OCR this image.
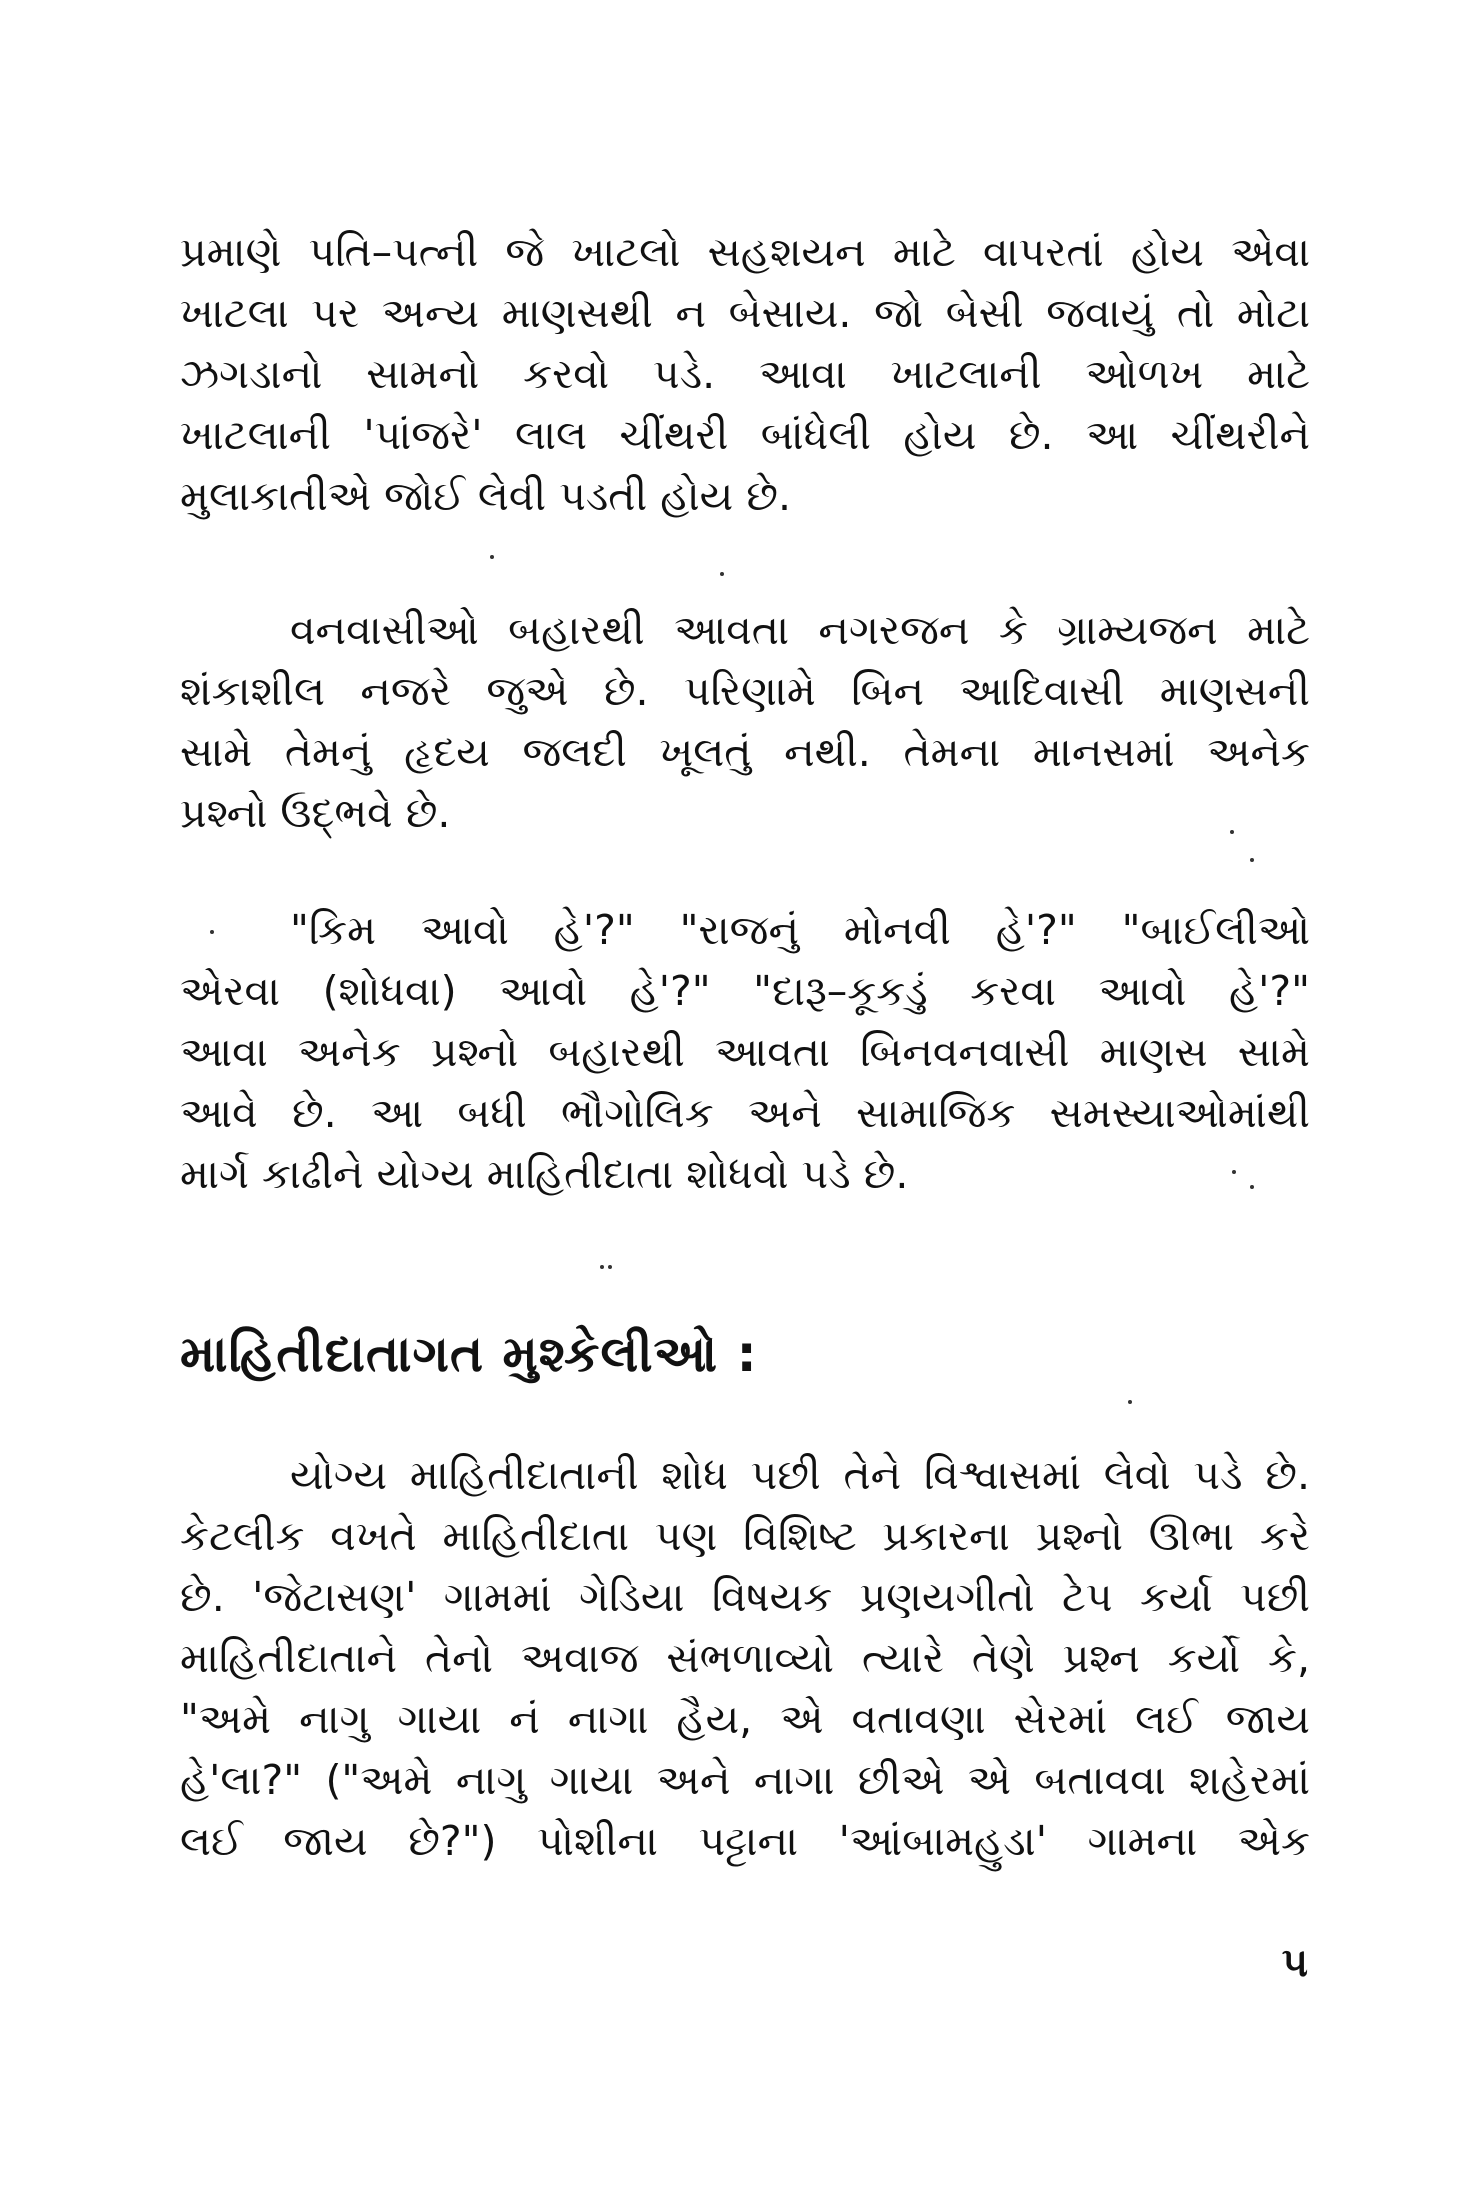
પ્રમાણે પતિ–પત્ની જે ખાટલો સહશયન માટે વાપરતાં હોય એવા
ખાટલા પર અન્ય માણસથી ન બેસાય. જો બેસી જવાયું તો મોટા
ઝગડાનો સામનો કરવો પડે. આવા ખાટલાની ઓળખ માટે
ખાટલાની 'પાંજરે' લાલ ચીંથરી બાંધેલી હોય છે. આ ચીંથરીને
મુલાકાતીએ જોઈ લેવી પડતી હોય છે.
વનવાસીઓ બહારથી આવતા નગરજન કે ગ્રામ્યજન માટે
શંકાશીલ નજરે જુએ છે. પરિણામે બિન આદિવાસી માણસની
સામે તેમનું હૃદય જલદી ખૂલતું નથી. તેમના માનસમાં અનેક
પ્રશ્નો ઉદ્ભવે છે.
"કિમ આવો હે'?" "રાજનું મોનવી હે'?" "બાઈલીઓ
એરવા (શોધવા) આવો હે'?" "દારૂ–કૂકડું કરવા આવો હે'?"
આવા અનેક પ્રશ્નો બહારથી આવતા બિનવનવાસી માણસ સામે
આવે છે. આ બધી ભૌગોલિક અને સામાજિક સમસ્યાઓમાંથી
માર્ગ કાઢીને યોગ્ય માહિતીદાતા શોધવો પડે છે.
માહિતીદાતાગત મુશ્કેલીઓ :
યોગ્ય માહિતીદાતાની શોધ પછી તેને વિશ્વાસમાં લેવો પડે છે.
કેટલીક વખતે માહિતીદાતા પણ વિશિષ્ટ પ્રકારના પ્રશ્નો ઊભા કરે
છે. 'જેટાસણ' ગામમાં ગેડિયા વિષયક પ્રણયગીતો ટેપ કર્યા પછી
માહિતીદાતાને તેનો અવાજ સંભળાવ્યો ત્યારે તેણે પ્રશ્ન કર્યો કે,
"અમે નાગુ ગાયા નં નાગા હૈય, એ વતાવણા સેરમાં લઈ જાય
હે'લા?" ("અમે નાગુ ગાયા અને નાગા છીએ એ બતાવવા શહેરમાં
લઈ જાય છે?") પોશીના પટ્ટાના 'આંબામહુડા' ગામના એક
૫
